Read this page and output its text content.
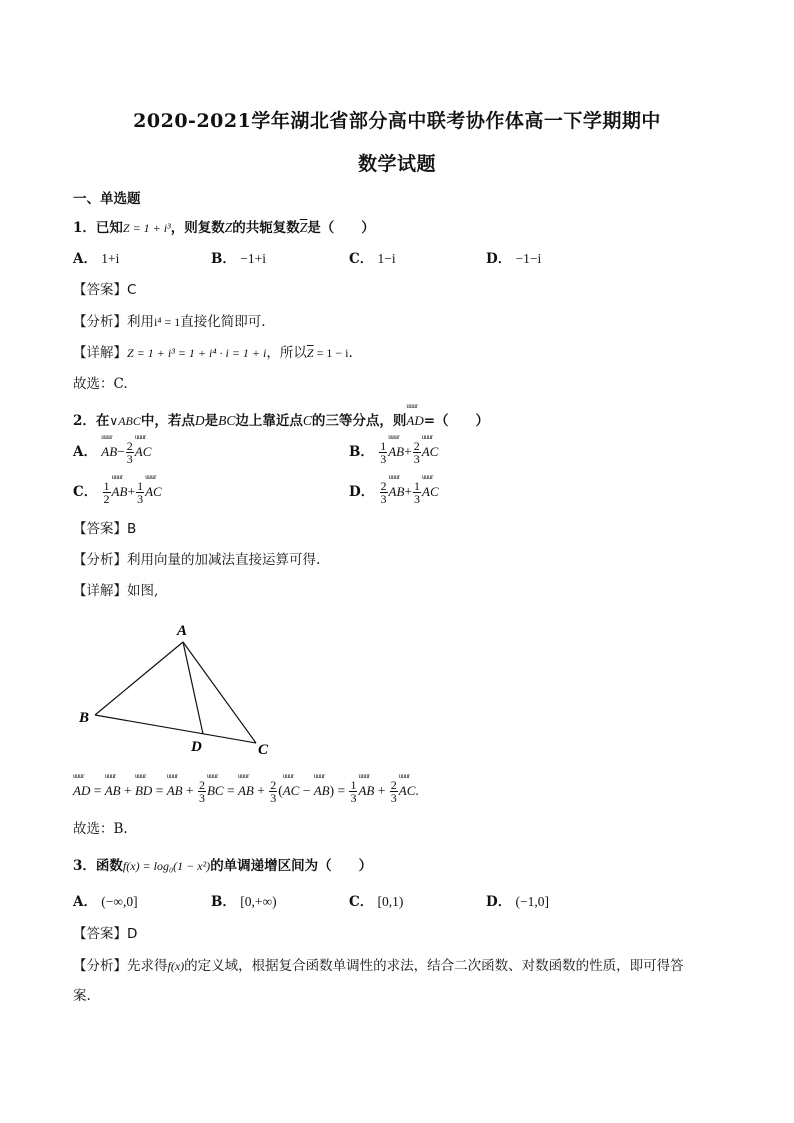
2020-2021学年湖北省部分高中联考协作体高一下学期期中
数学试题
一、单选题
1．已知Z = 1 + i³，则复数Z的共轭复数$\overline{Z}$是（　　）
A． 1+i	B． −1+i	C． 1−i	D． −1−i
【答案】C
【分析】利用i⁴ = 1直接化简即可.
【详解】Z = 1 + i³ = 1 + i⁴ · i = 1 + i，所以$\overline{Z} = 1 - i$.
故选：C.
2．在∨ABC中，若点D是BC边上靠近点C的三等分点，则uuur AD=（　　）
A． uuur $AB- \frac{2}{3}$ uuur AC	B． $\frac{1}{3}$ uuur $AB+ \frac{2}{3}$ uuur AC
C． $\frac{1}{2}$ uuur $AB+ \frac{1}{3}$ uuur AC	D． $\frac{2}{3}$ uuur $AB+ \frac{1}{3}$ uuur AC
【答案】B
【分析】利用向量的加减法直接运算可得.
【详解】如图,
A
B
D	C
uuur AD = uuur AB + uuur BD = uuur AB + $\frac{2}{3}$ uuur BC = uuur AB + $\frac{2}{3}$ (uuur AC − uuur $AB) = \frac{1}{3}$ uuur AB + $\frac{2}{3}$ uuur AC.
故选：B.
3．函数f(x) = log₀(1 − x²)的单调递增区间为（　　）
A． (−∞,0]	B． [0,+∞)	C． [0,1)	D． (−1,0]
【答案】D
【分析】先求得f(x)的定义域，根据复合函数单调性的求法，结合二次函数、对数函数的性质，即可得答
案.
